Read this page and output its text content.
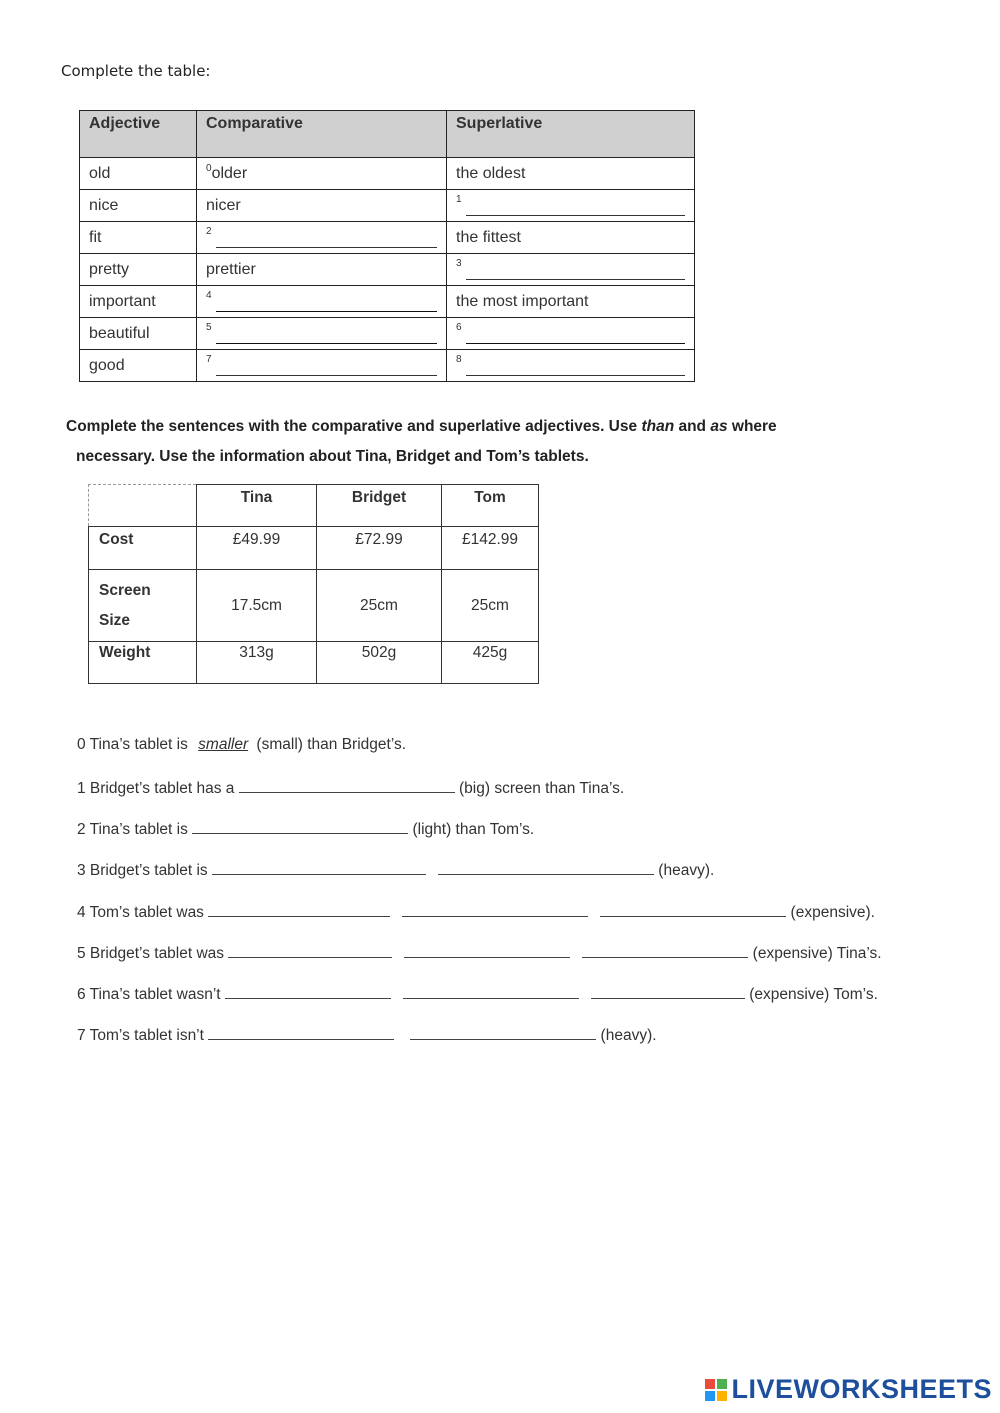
Complete the table:
Adjective	Comparative	Superlative
old	$^0$older	the oldest
nice	nicer	1

fit	2	the fittest
pretty	prettier	3

important	4	the most important
beautiful	5	6

good	7	8
Complete the sentences with the comparative and superlative adjectives. Use than and as where
necessary. Use the information about Tina, Bridget and Tom’s tablets.
	Tina	Bridget	Tom
Cost	£49.99	£72.99	£142.99
Screen
Size	17.5cm	25cm	25cm
Weight	313g	502g	425g
0 Tina’s tablet is smaller (small) than Bridget’s.
1 Bridget’s tablet has a	(big) screen than Tina’s.
2 Tina’s tablet is	(light) than Tom’s.
3 Bridget’s tablet is	(heavy).
4 Tom’s tablet was	(expensive).
5 Bridget’s tablet was	(expensive) Tina’s.
6 Tina’s tablet wasn’t	(expensive) Tom’s.
7 Tom’s tablet isn’t	(heavy).
LIVEWORKSHEETS
